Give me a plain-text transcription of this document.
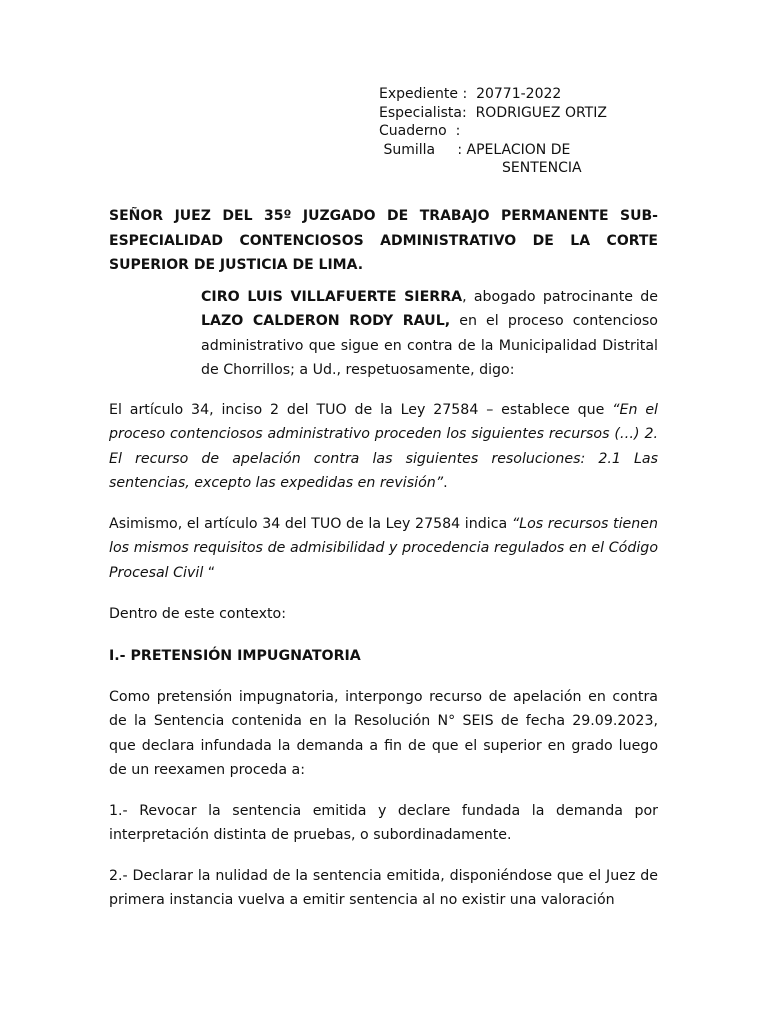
Expediente : 20771-2022
Especialista: RODRIGUEZ ORTIZ
Cuaderno  :
Sumilla : APELACION DE
SENTENCIA
SEÑOR JUEZ DEL 35º JUZGADO DE TRABAJO PERMANENTE SUB-ESPECIALIDAD CONTENCIOSOS ADMINISTRATIVO DE LA CORTE SUPERIOR DE JUSTICIA DE LIMA.
CIRO LUIS VILLAFUERTE SIERRA, abogado patrocinante de LAZO CALDERON RODY RAUL, en el proceso contencioso administrativo que sigue en contra de la Municipalidad Distrital de Chorrillos; a Ud., respetuosamente, digo:
El artículo 34, inciso 2 del TUO de la Ley 27584 – establece que “En el proceso contenciosos administrativo proceden los siguientes recursos (…) 2. El recurso de apelación contra las siguientes resoluciones: 2.1 Las sentencias, excepto las expedidas en revisión”.
Asimismo, el artículo 34 del TUO de la Ley 27584 indica “Los recursos tienen los mismos requisitos de admisibilidad y procedencia regulados en el Código Procesal Civil “
Dentro de este contexto:
I.- PRETENSIÓN IMPUGNATORIA
Como pretensión impugnatoria, interpongo recurso de apelación en contra de la Sentencia contenida en la Resolución N° SEIS de fecha 29.09.2023, que declara infundada la demanda a fin de que el superior en grado luego de un reexamen proceda a:
1.- Revocar la sentencia emitida y declare fundada la demanda por interpretación distinta de pruebas, o subordinadamente.
2.- Declarar la nulidad de la sentencia emitida, disponiéndose que el Juez de primera instancia vuelva a emitir sentencia al no existir una valoración
